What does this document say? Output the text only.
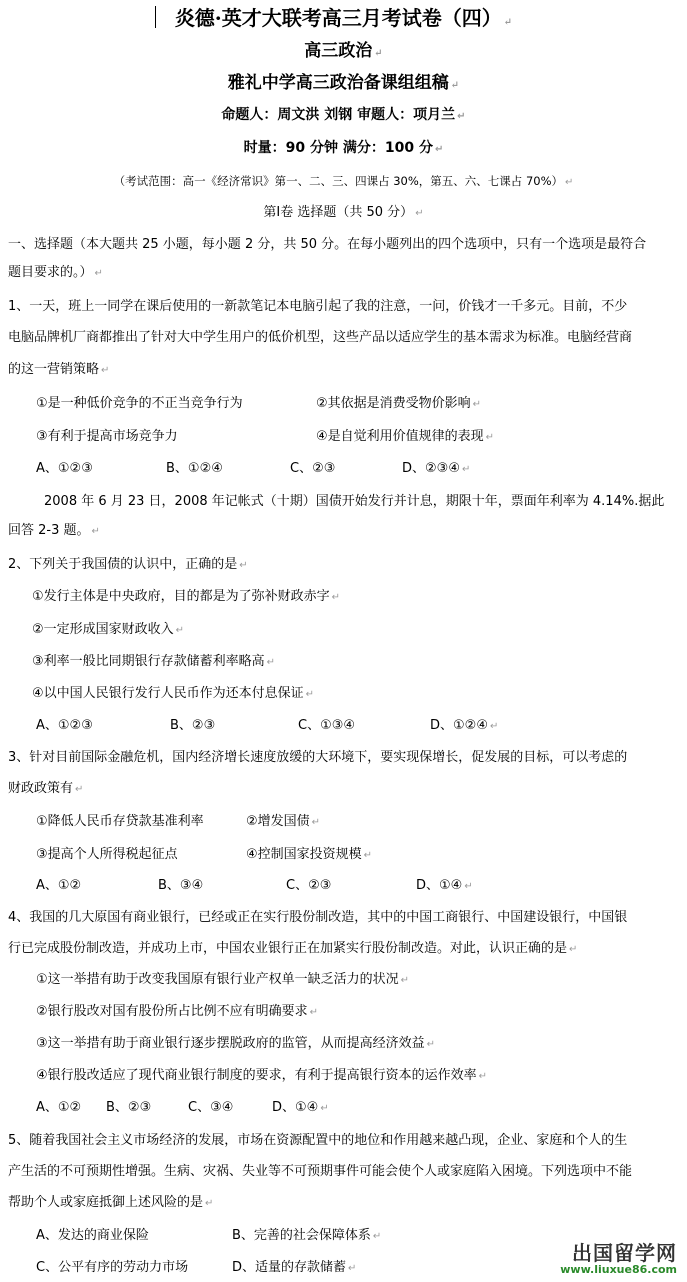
炎德·英才大联考高三月考试卷（四） ↵
高三政治 ↵
雅礼中学高三政治备课组组稿 ↵
命题人：周文洪 刘钢 审题人：项月兰 ↵
时量：90 分钟 满分：100 分 ↵
（考试范围：高一《经济常识》第一、二、三、四课占 30%，第五、六、七课占 70%） ↵
第Ⅰ卷 选择题（共 50 分） ↵
一、选择题（本大题共 25 小题，每小题 2 分，共 50 分。在每小题列出的四个选项中，只有一个选项是最符合
题目要求的。） ↵
1、一天，班上一同学在课后使用的一新款笔记本电脑引起了我的注意，一问，价钱才一千多元。目前，不少
电脑品牌机厂商都推出了针对大中学生用户的低价机型，这些产品以适应学生的基本需求为标准。电脑经营商
的这一营销策略 ↵
①是一种低价竞争的不正当竞争行为	②其依据是消费受物价影响 ↵
③有利于提高市场竞争力	④是自觉利用价值规律的表现 ↵
A、①②③	B、①②④	C、②③	D、②③④ ↵
2008 年 6 月 23 日，2008 年记帐式（十期）国债开始发行并计息，期限十年，票面年利率为 4.14%.据此
回答 2-3 题。 ↵
2、下列关于我国债的认识中，正确的是 ↵
①发行主体是中央政府，目的都是为了弥补财政赤字 ↵
②一定形成国家财政收入 ↵
③利率一般比同期银行存款储蓄利率略高 ↵
④以中国人民银行发行人民币作为还本付息保证 ↵
A、①②③	B、②③	C、①③④	D、①②④ ↵
3、针对目前国际金融危机，国内经济增长速度放缓的大环境下，要实现保增长，促发展的目标，可以考虑的
财政政策有 ↵
①降低人民币存贷款基准利率	②增发国债 ↵
③提高个人所得税起征点	④控制国家投资规模 ↵
A、①②	B、③④	C、②③	D、①④ ↵
4、我国的几大原国有商业银行，已经或正在实行股份制改造，其中的中国工商银行、中国建设银行，中国银
行已完成股份制改造，并成功上市，中国农业银行正在加紧实行股份制改造。对此，认识正确的是 ↵
①这一举措有助于改变我国原有银行业产权单一缺乏活力的状况 ↵
②银行股改对国有股份所占比例不应有明确要求 ↵
③这一举措有助于商业银行逐步摆脱政府的监管，从而提高经济效益 ↵
④银行股改适应了现代商业银行制度的要求，有利于提高银行资本的运作效率 ↵
A、①② B、②③	C、③④	D、①④ ↵
5、随着我国社会主义市场经济的发展，市场在资源配置中的地位和作用越来越凸现，企业、家庭和个人的生
产生活的不可预期性增强。生病、灾祸、失业等不可预期事件可能会使个人或家庭陷入困境。下列选项中不能
帮助个人或家庭抵御上述风险的是 ↵
A、发达的商业保险	B、完善的社会保障体系 ↵
C、公平有序的劳动力市场	D、适量的存款储蓄 ↵
出国留学网
www.liuxue86.com
